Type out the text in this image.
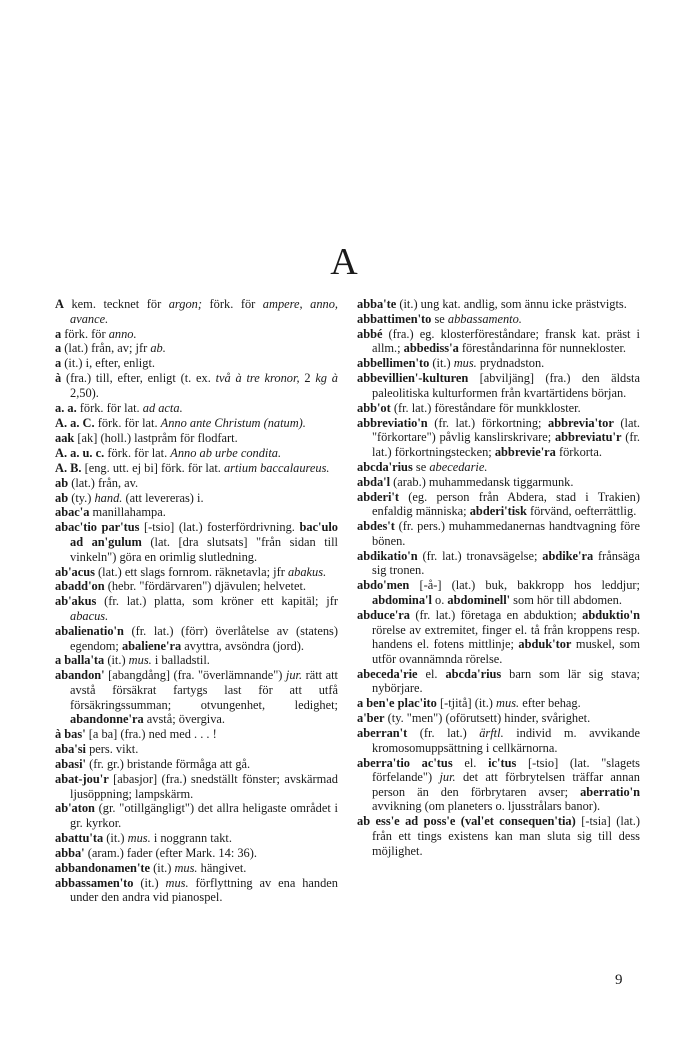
A

A kem. tecknet för argon; förk. för ampere, anno, avance.

a förk. för anno.

a (lat.) från, av; jfr ab.

a (it.) i, efter, enligt.

à (fra.) till, efter, enligt (t. ex. två à tre kronor, 2 kg à 2,50).

a. a. förk. för lat. ad acta.

A. a. C. förk. för lat. Anno ante Christum (natum).

aak [ak] (holl.) lastpråm för flodfart.

A. a. u. c. förk. för lat. Anno ab urbe condita.

A. B. [eng. utt. ej bi] förk. för lat. artium baccalaureus.

ab (lat.) från, av.

ab (ty.) hand. (att levereras) i.

abac'a manillahampa.

abac'tio par'tus [-tsio] (lat.) fosterfördrivning. bac'ulo ad an'gulum (lat. [dra slutsats] "från sidan till vinkeln") göra en orimlig slutledning.

ab'acus (lat.) ett slags fornrom. räknetavla; jfr abakus.

abadd'on (hebr. "fördärvaren") djävulen; helvetet.

ab'akus (fr. lat.) platta, som kröner ett kapitäl; jfr abacus.

abalienatio'n (fr. lat.) (förr) överlåtelse av (statens) egendom; abaliene'ra avyttra, avsöndra (jord).

a balla'ta (it.) mus. i balladstil.

abandon' [abangdång] (fra. "överlämnande") jur. rätt att avstå försäkrat fartygs last för att utfå försäkringssumman; otvungenhet, ledighet; abandonne'ra avstå; övergiva.

à bas' [a ba] (fra.) ned med . . . !

aba'si pers. vikt.

abasi' (fr. gr.) bristande förmåga att gå.

abat-jou'r [abasjor] (fra.) snedställt fönster; avskärmad ljusöppning; lampskärm.

ab'aton (gr. "otillgängligt") det allra heligaste området i gr. kyrkor.

abattu'ta (it.) mus. i noggrann takt.

abba' (aram.) fader (efter Mark. 14: 36).

abbandonamen'te (it.) mus. hängivet.

abbassamen'to (it.) mus. förflyttning av ena handen under den andra vid pianospel.

abba'te (it.) ung kat. andlig, som ännu icke prästvigts.

abbattimen'to se abbassamento.

abbé (fra.) eg. klosterföreståndare; fransk kat. präst i allm.; abbediss'a föreståndarinna för nunnekloster.

abbellimen'to (it.) mus. prydnadston.

abbevillien'-kulturen [abviljäng] (fra.) den äldsta paleolitiska kulturformen från kvartärtidens början.

abb'ot (fr. lat.) föreståndare för munkkloster.

abbreviatio'n (fr. lat.) förkortning; abbrevia'tor (lat. "förkortare") påvlig kanslirskrivare; abbreviatu'r (fr. lat.) förkortningstecken; abbrevie'ra förkorta.

abcda'rius se abecedarie.

abda'l (arab.) muhammedansk tiggarmunk.

abderi't (eg. person från Abdera, stad i Trakien) enfaldig människa; abderi'tisk förvänd, oefterrättlig.

abdes't (fr. pers.) muhammedanernas handtvagning före bönen.

abdikatio'n (fr. lat.) tronavsägelse; abdike'ra frånsäga sig tronen.

abdo'men [-å-] (lat.) buk, bakkropp hos leddjur; abdomina'l o. abdominell' som hör till abdomen.

abduce'ra (fr. lat.) företaga en abduktion; abduktio'n rörelse av extremitet, finger el. tå från kroppens resp. handens el. fotens mittlinje; abduk'tor muskel, som utför ovannämnda rörelse.

abeceda'rie el. abcda'rius barn som lär sig stava; nybörjare.

a ben'e plac'ito [-tjitå] (it.) mus. efter behag.

a'ber (ty. "men") (oförutsett) hinder, svårighet.

aberran't (fr. lat.) ärftl. individ m. avvikande kromosomuppsättning i cellkärnorna.

aberra'tio ac'tus el. ic'tus [-tsio] (lat. "slagets förfelande") jur. det att förbrytelsen träffar annan person än den förbrytaren avser; aberratio'n avvikning (om planeters o. ljusstrålars banor).

ab ess'e ad poss'e (val'et consequen'tia) [-tsia] (lat.) från ett tings existens kan man sluta sig till dess möjlighet.

9
